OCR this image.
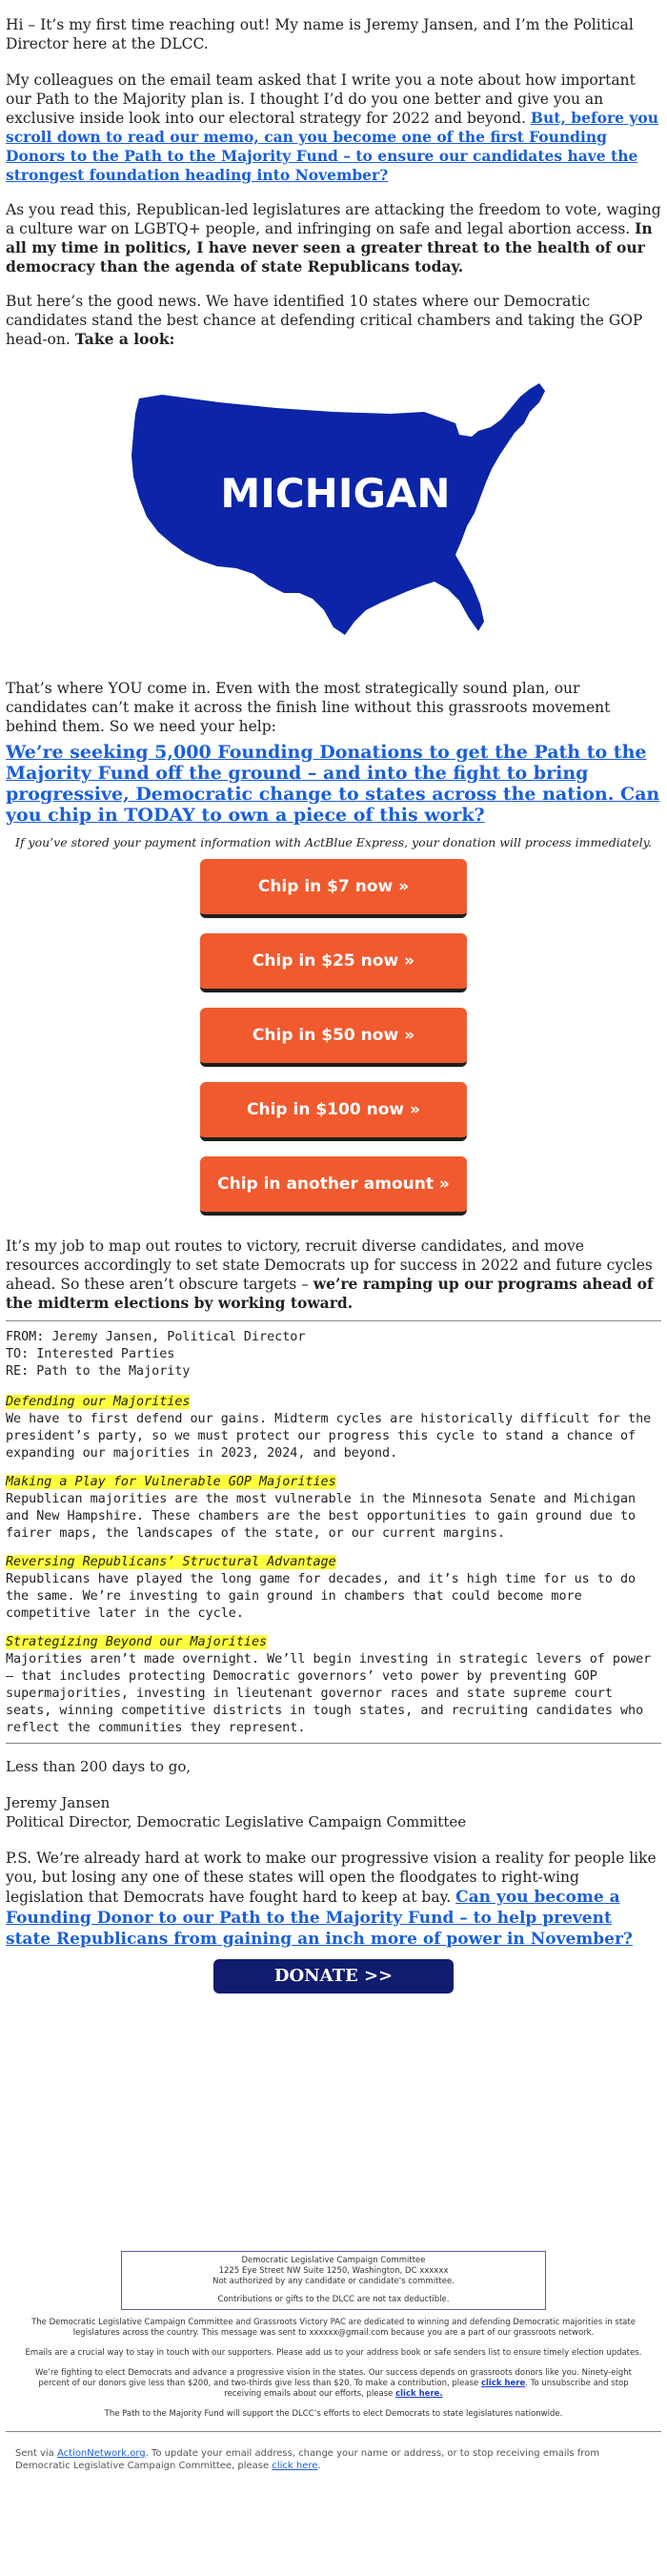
Hi – It’s my first time reaching out! My name is Jeremy Jansen, and I’m the Political Director here at the DLCC.

My colleagues on the email team asked that I write you a note about how important our Path to the Majority plan is. I thought I’d do you one better and give you an exclusive inside look into our electoral strategy for 2022 and beyond. But, before you scroll down to read our memo, can you become one of the first Founding Donors to the Path to the Majority Fund – to ensure our candidates have the strongest foundation heading into November?

As you read this, Republican-led legislatures are attacking the freedom to vote, waging a culture war on LGBTQ+ people, and infringing on safe and legal abortion access. In all my time in politics, I have never seen a greater threat to the health of our democracy than the agenda of state Republicans today.

But here’s the good news. We have identified 10 states where our Democratic candidates stand the best chance at defending critical chambers and taking the GOP head-on. Take a look:

MICHIGAN

That’s where YOU come in. Even with the most strategically sound plan, our candidates can’t make it across the finish line without this grassroots movement behind them. So we need your help:

We’re seeking 5,000 Founding Donations to get the Path to the Majority Fund off the ground – and into the fight to bring progressive, Democratic change to states across the nation. Can you chip in TODAY to own a piece of this work?

If you’ve stored your payment information with ActBlue Express, your donation will process immediately.
Chip in $7 now »
Chip in $25 now »
Chip in $50 now »
Chip in $100 now »
Chip in another amount »

It’s my job to map out routes to victory, recruit diverse candidates, and move resources accordingly to set state Democrats up for success in 2022 and future cycles ahead. So these aren’t obscure targets – we’re ramping up our programs ahead of the midterm elections by working toward.

FROM: Jeremy Jansen, Political Director
TO: Interested Parties
RE: Path to the Majority
Defending our Majorities
We have to first defend our gains. Midterm cycles are historically difficult for the president’s party, so we must protect our progress this cycle to stand a chance of expanding our majorities in 2023, 2024, and beyond.
Making a Play for Vulnerable GOP Majorities
Republican majorities are the most vulnerable in the Minnesota Senate and Michigan and New Hampshire. These chambers are the best opportunities to gain ground due to fairer maps, the landscapes of the state, or our current margins.
Reversing Republicans’ Structural Advantage
Republicans have played the long game for decades, and it’s high time for us to do the same. We’re investing to gain ground in chambers that could become more competitive later in the cycle.
Strategizing Beyond our Majorities
Majorities aren’t made overnight. We’ll begin investing in strategic levers of power – that includes protecting Democratic governors’ veto power by preventing GOP supermajorities, investing in lieutenant governor races and state supreme court seats, winning competitive districts in tough states, and recruiting candidates who reflect the communities they represent.

Less than 200 days to go,

Jeremy Jansen

Political Director, Democratic Legislative Campaign Committee

P.S. We’re already hard at work to make our progressive vision a reality for people like you, but losing any one of these states will open the floodgates to right-wing legislation that Democrats have fought hard to keep at bay. Can you become a Founding Donor to our Path to the Majority Fund – to help prevent state Republicans from gaining an inch more of power in November?

DONATE >>
Democratic Legislative Campaign Committee
1225 Eye Street NW Suite 1250, Washington, DC xxxxxx
Not authorized by any candidate or candidate's committee.
Contributions or gifts to the DLCC are not tax deductible.

The Democratic Legislative Campaign Committee and Grassroots Victory PAC are dedicated to winning and defending Democratic majorities in state legislatures across the country. This message was sent to xxxxxx@gmail.com because you are a part of our grassroots network.

Emails are a crucial way to stay in touch with our supporters. Please add us to your address book or safe senders list to ensure timely election updates.

We’re fighting to elect Democrats and advance a progressive vision in the states. Our success depends on grassroots donors like you. Ninety-eight percent of our donors give less than $200, and two-thirds give less than $20. To make a contribution, please click here. To unsubscribe and stop receiving emails about our efforts, please click here.

The Path to the Majority Fund will support the DLCC’s efforts to elect Democrats to state legislatures nationwide.

Sent via ActionNetwork.org. To update your email address, change your name or address, or to stop receiving emails from Democratic Legislative Campaign Committee, please click here.
